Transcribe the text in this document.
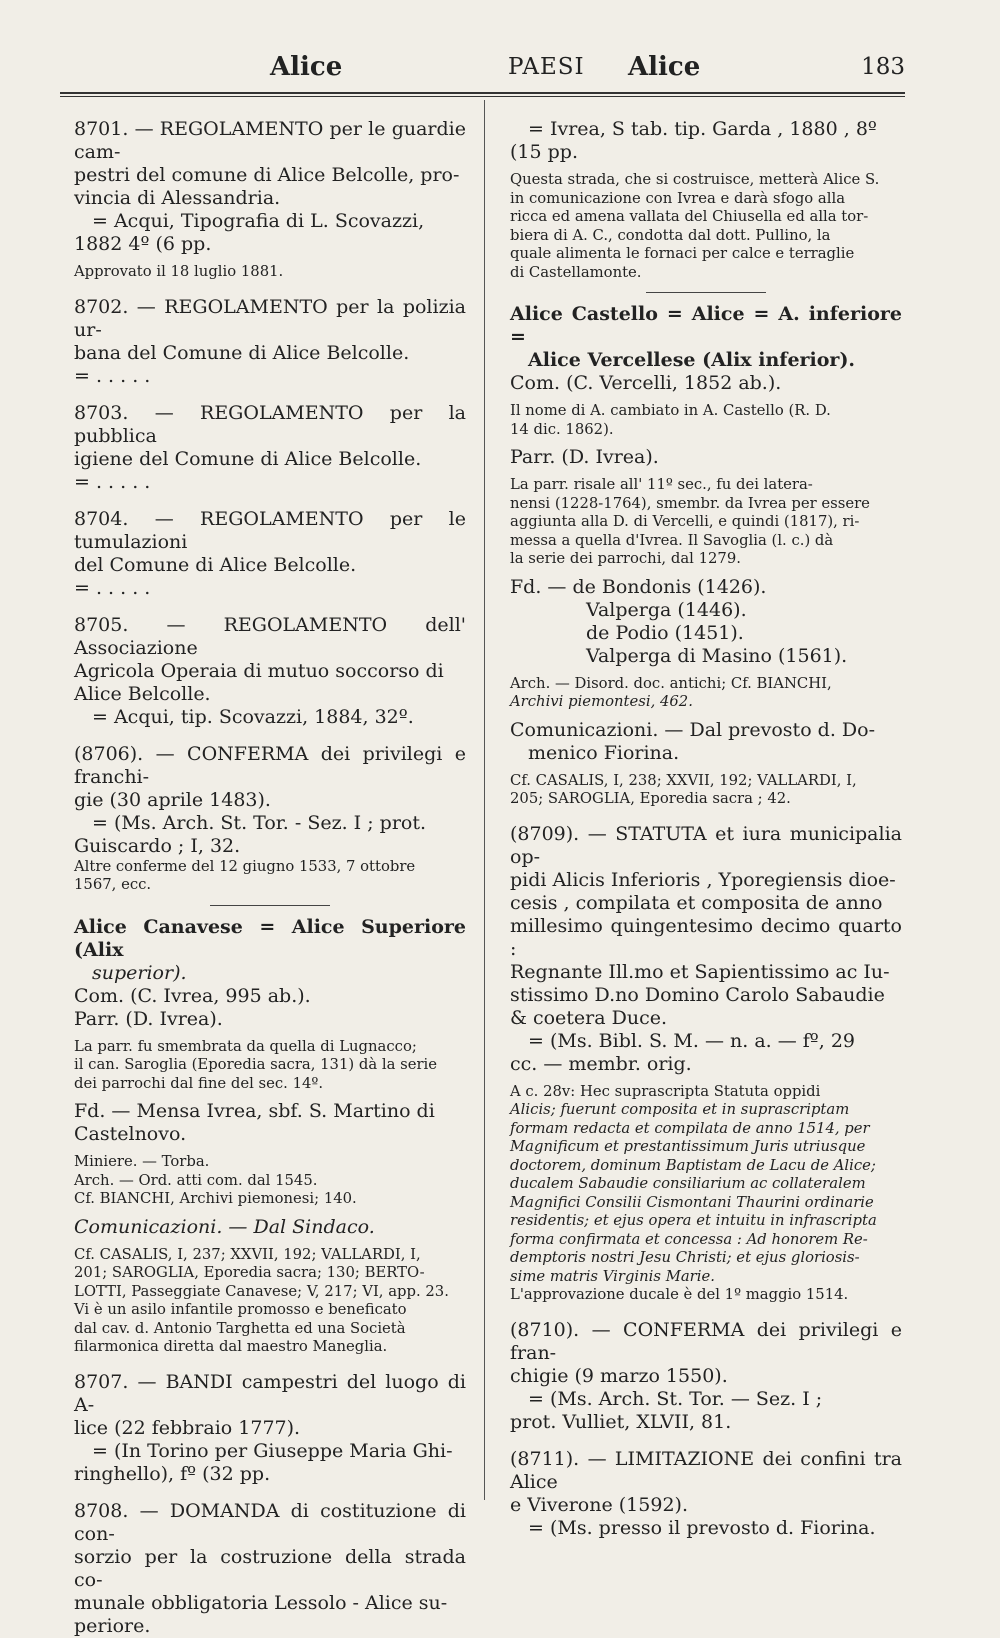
Alice	PAESI Alice	183

8701. — REGOLAMENTO per le guardie cam-

pestri del comune di Alice Belcolle, pro-

vincia di Alessandria.

= Acqui, Tipografia di L. Scovazzi,

1882 4º (6 pp.

Approvato il 18 luglio 1881.

8702. — REGOLAMENTO per la polizia ur-

bana del Comune di Alice Belcolle.

= . . . . .

8703. — REGOLAMENTO per la pubblica

igiene del Comune di Alice Belcolle.

= . . . . .

8704. — REGOLAMENTO per le tumulazioni

del Comune di Alice Belcolle.

= . . . . .

8705. — REGOLAMENTO dell' Associazione

Agricola Operaia di mutuo soccorso di

Alice Belcolle.

= Acqui, tip. Scovazzi, 1884, 32º.

(8706). — CONFERMA dei privilegi e franchi-

gie (30 aprile 1483).

= (Ms. Arch. St. Tor. - Sez. I ; prot.

Guiscardo ; I, 32.

Altre conferme del 12 giugno 1533, 7 ottobre

1567, ecc.

Alice Canavese = Alice Superiore (Alix

superior).

Com. (C. Ivrea, 995 ab.).

Parr. (D. Ivrea).

La parr. fu smembrata da quella di Lugnacco;

il can. Saroglia (Eporedia sacra, 131) dà la serie

dei parrochi dal fine del sec. 14º.

Fd. — Mensa Ivrea, sbf. S. Martino di

Castelnovo.

Miniere. — Torba.

Arch. — Ord. atti com. dal 1545.

Cf. BIANCHI, Archivi piemonesi; 140.

Comunicazioni. — Dal Sindaco.

Cf. CASALIS, I, 237; XXVII, 192; VALLARDI, I,

201; SAROGLIA, Eporedia sacra; 130; BERTO-

LOTTI, Passeggiate Canavese; V, 217; VI, app. 23.

Vi è un asilo infantile promosso e beneficato

dal cav. d. Antonio Targhetta ed una Società

filarmonica diretta dal maestro Maneglia.

8707. — BANDI campestri del luogo di A-

lice (22 febbraio 1777).

= (In Torino per Giuseppe Maria Ghi-

ringhello), fº (32 pp.

8708. — DOMANDA di costituzione di con-

sorzio per la costruzione della strada co-

munale obbligatoria Lessolo - Alice su-

periore.

= Ivrea, S tab. tip. Garda , 1880 , 8º

(15 pp.

Questa strada, che si costruisce, metterà Alice S.

in comunicazione con Ivrea e darà sfogo alla

ricca ed amena vallata del Chiusella ed alla tor-

biera di A. C., condotta dal dott. Pullino, la

quale alimenta le fornaci per calce e terraglie

di Castellamonte.

Alice Castello = Alice = A. inferiore =

Alice Vercellese (Alix inferior).

Com. (C. Vercelli, 1852 ab.).

Il nome di A. cambiato in A. Castello (R. D.

14 dic. 1862).

Parr. (D. Ivrea).

La parr. risale all' 11º sec., fu dei latera-

nensi (1228-1764), smembr. da Ivrea per essere

aggiunta alla D. di Vercelli, e quindi (1817), ri-

messa a quella d'Ivrea. Il Savoglia (l. c.) dà

la serie dei parrochi, dal 1279.

Fd. — de Bondonis (1426).

Valperga (1446).

de Podio (1451).

Valperga di Masino (1561).

Arch. — Disord. doc. antichi; Cf. BIANCHI,

Archivi piemontesi, 462.

Comunicazioni. — Dal prevosto d. Do-

menico Fiorina.

Cf. CASALIS, I, 238; XXVII, 192; VALLARDI, I,

205; SAROGLIA, Eporedia sacra ; 42.

(8709). — STATUTA et iura municipalia op-

pidi Alicis Inferioris , Yporegiensis dioe-

cesis , compilata et composita de anno

millesimo quingentesimo decimo quarto :

Regnante Ill.mo et Sapientissimo ac Iu-

stissimo D.no Domino Carolo Sabaudie

& coetera Duce.

= (Ms. Bibl. S. M. — n. a. — fº, 29

cc. — membr. orig.

A c. 28v: Hec suprascripta Statuta oppidi

Alicis; fuerunt composita et in suprascriptam

formam redacta et compilata de anno 1514, per

Magnificum et prestantissimum Juris utriusque

doctorem, dominum Baptistam de Lacu de Alice;

ducalem Sabaudie consiliarium ac collateralem

Magnifici Consilii Cismontani Thaurini ordinarie

residentis; et ejus opera et intuitu in infrascripta

forma confirmata et concessa : Ad honorem Re-

demptoris nostri Jesu Christi; et ejus gloriosis-

sime matris Virginis Marie.

L'approvazione ducale è del 1º maggio 1514.

(8710). — CONFERMA dei privilegi e fran-

chigie (9 marzo 1550).

= (Ms. Arch. St. Tor. — Sez. I ;

prot. Vulliet, XLVII, 81.

(8711). — LIMITAZIONE dei confini tra Alice

e Viverone (1592).

= (Ms. presso il prevosto d. Fiorina.
